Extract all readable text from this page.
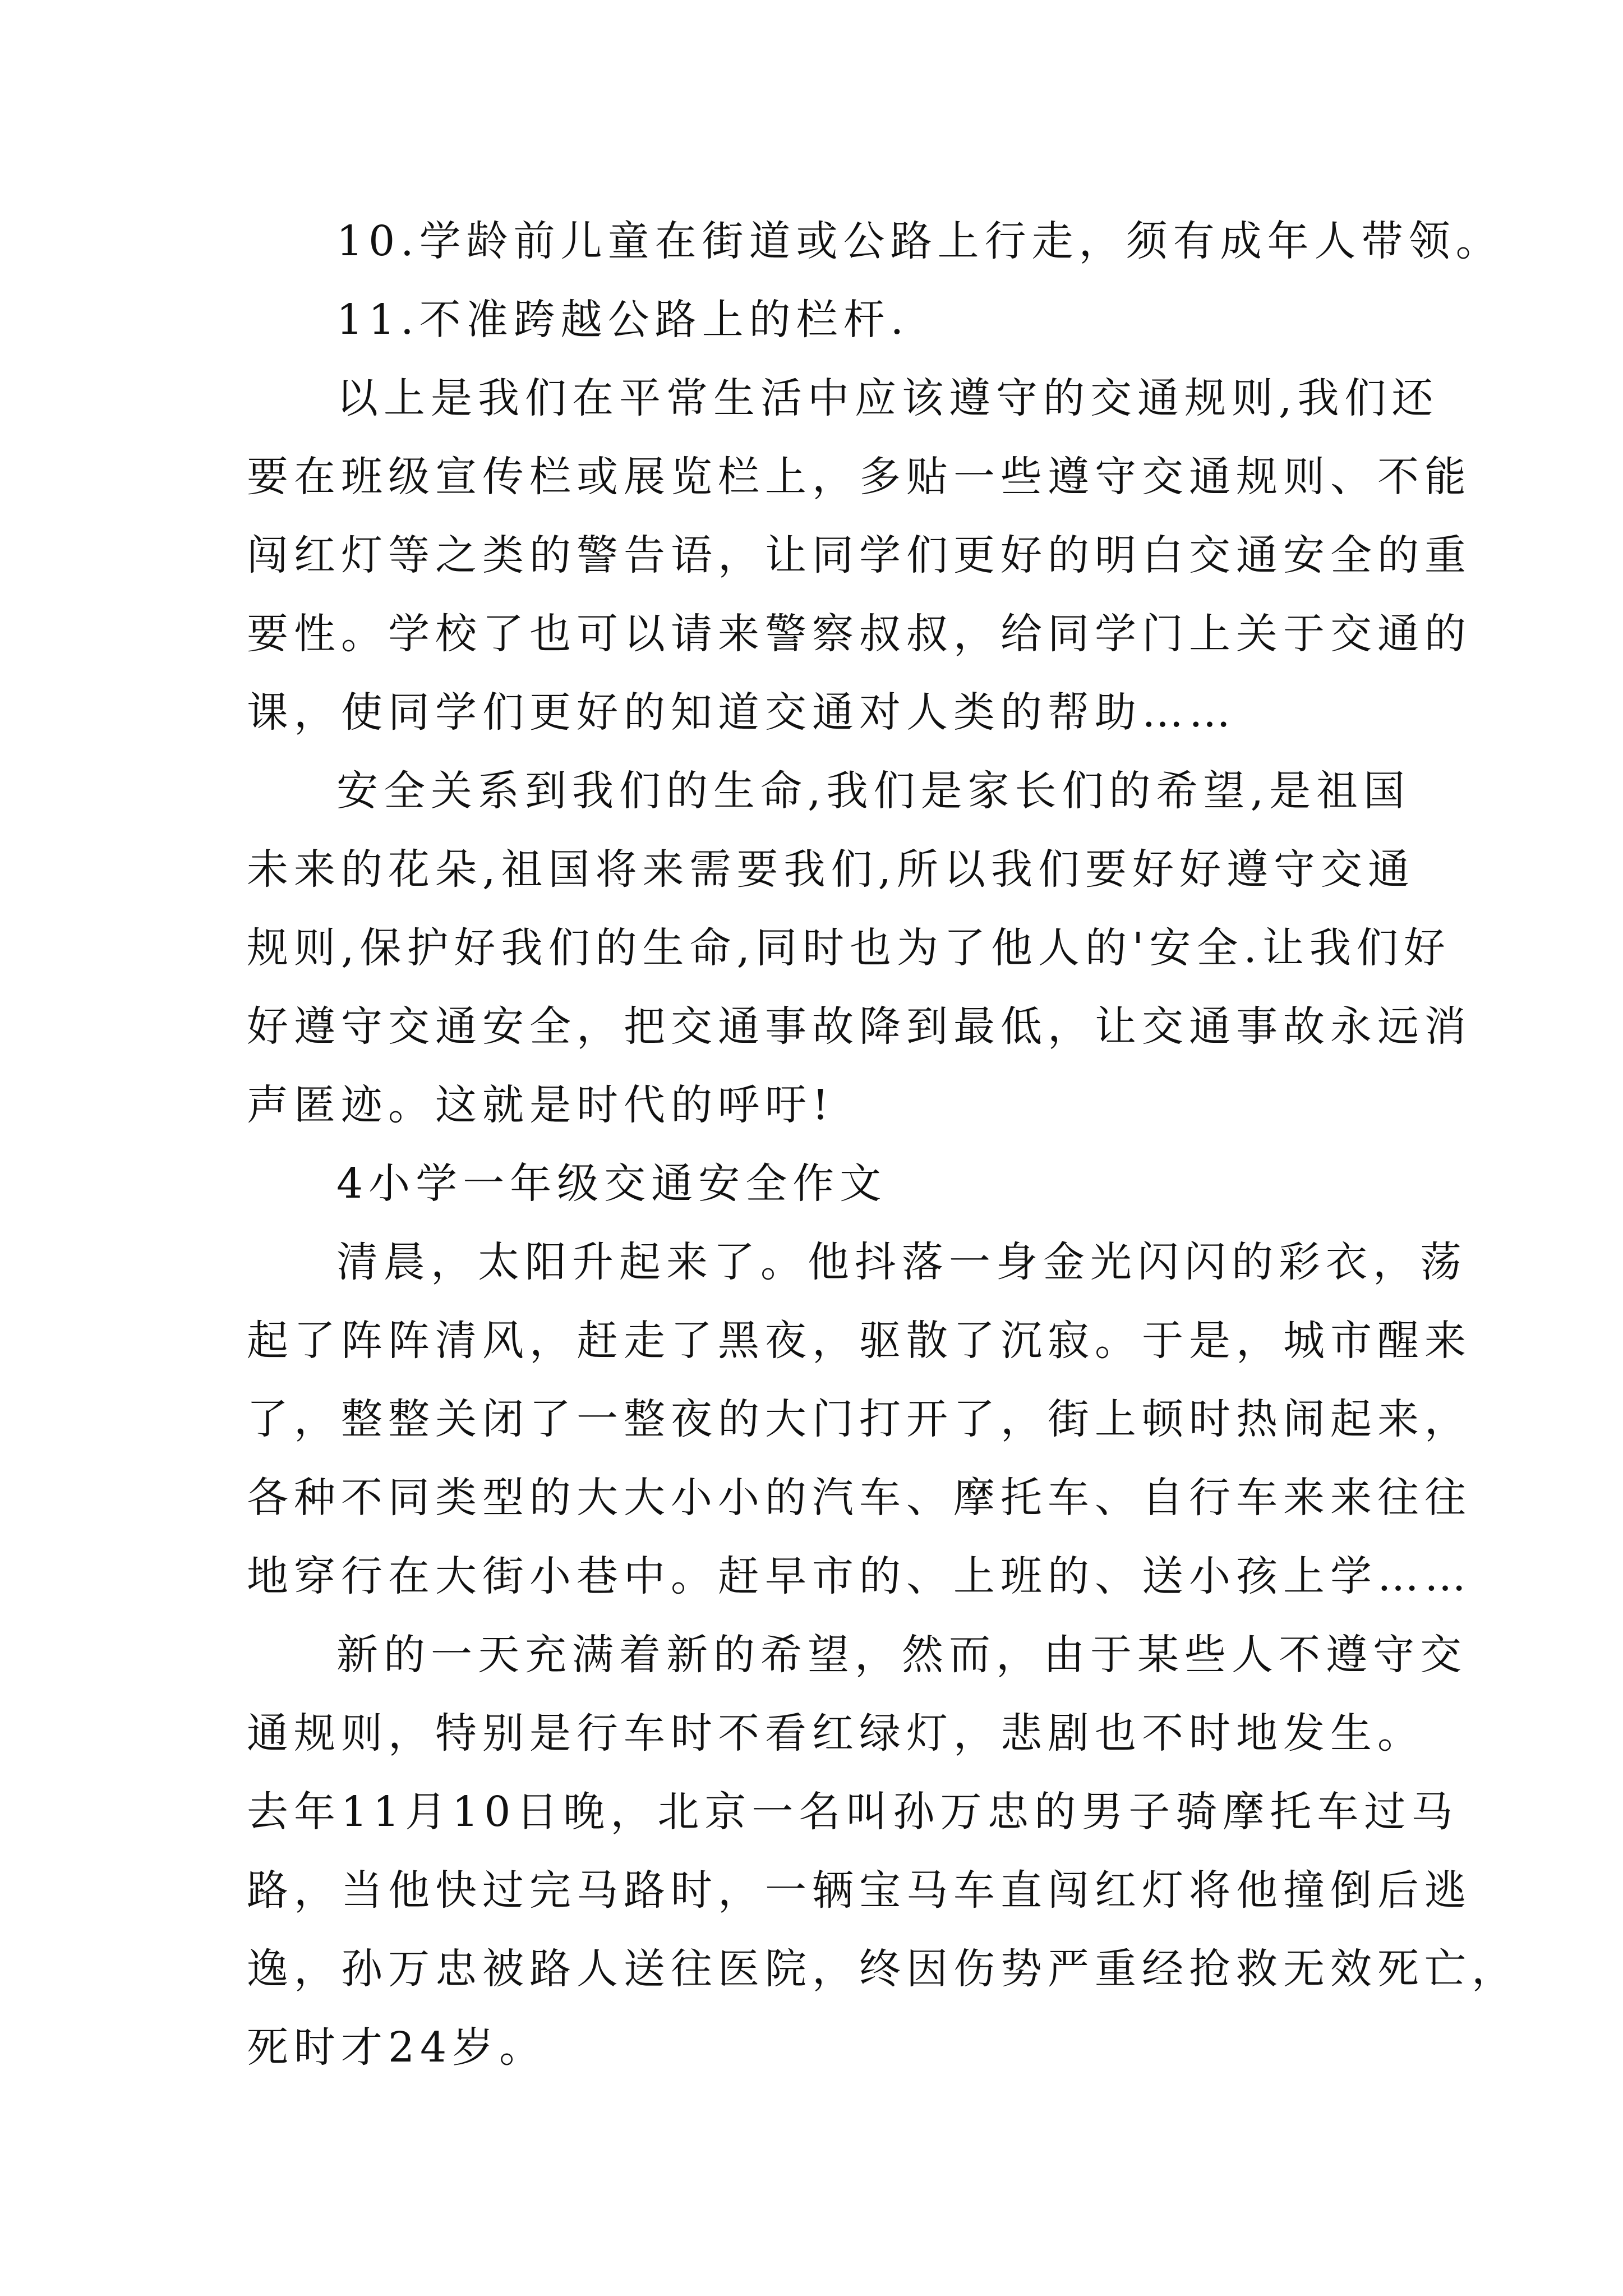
10.学龄前儿童在街道或公路上行走，须有成年人带领。
11.不准跨越公路上的栏杆.
以上是我们在平常生活中应该遵守的交通规则,我们还
要在班级宣传栏或展览栏上，多贴一些遵守交通规则、不能
闯红灯等之类的警告语，让同学们更好的明白交通安全的重
要性。学校了也可以请来警察叔叔，给同学门上关于交通的
课，使同学们更好的知道交通对人类的帮助……
安全关系到我们的生命,我们是家长们的希望,是祖国
未来的花朵,祖国将来需要我们,所以我们要好好遵守交通
规则,保护好我们的生命,同时也为了他人的'安全.让我们好
好遵守交通安全，把交通事故降到最低，让交通事故永远消
声匿迹。这就是时代的呼吁!
4小学一年级交通安全作文
清晨，太阳升起来了。他抖落一身金光闪闪的彩衣，荡
起了阵阵清风，赶走了黑夜，驱散了沉寂。于是，城市醒来
了，整整关闭了一整夜的大门打开了，街上顿时热闹起来，
各种不同类型的大大小小的汽车、摩托车、自行车来来往往
地穿行在大街小巷中。赶早市的、上班的、送小孩上学……
新的一天充满着新的希望，然而，由于某些人不遵守交
通规则，特别是行车时不看红绿灯，悲剧也不时地发生。
去年11月10日晚，北京一名叫孙万忠的男子骑摩托车过马
路，当他快过完马路时，一辆宝马车直闯红灯将他撞倒后逃
逸，孙万忠被路人送往医院，终因伤势严重经抢救无效死亡，
死时才24岁。
